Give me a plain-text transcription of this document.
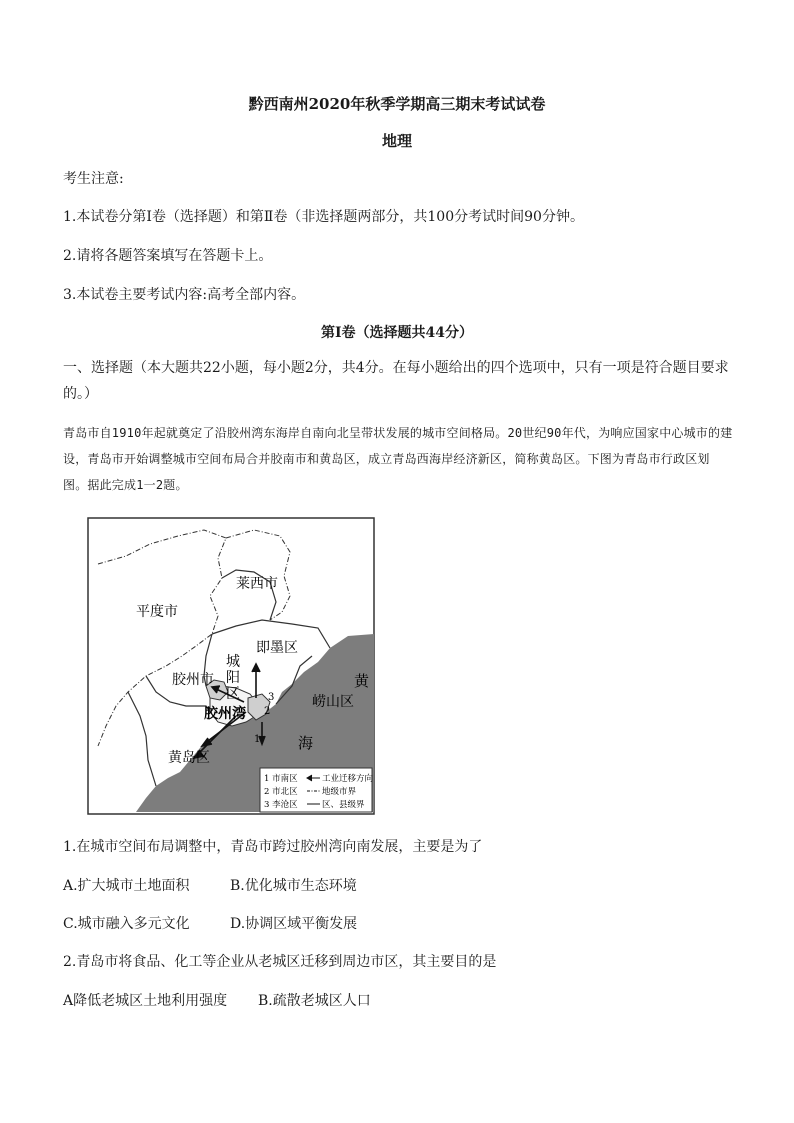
黔西南州2020年秋季学期高三期末考试试卷
地理
考生注意:
1.本试卷分第Ⅰ卷（选择题）和第Ⅱ卷（非选择题两部分，共100分考试时间90分钟。
2.请将各题答案填写在答题卡上。
3.本试卷主要考试内容:高考全部内容。
第Ⅰ卷（选择题共44分）
一、选择题（本大题共22小题，每小题2分，共4分。在每小题给出的四个选项中，只有一项是符合题目要求的。）
青岛市自1910年起就奠定了沿胶州湾东海岸自南向北呈带状发展的城市空间格局。20世纪90年代，为响应国家中心城市的建设，青岛市开始调整城市空间布局合并胶南市和黄岛区，成立青岛西海岸经济新区，简称黄岛区。下图为青岛市行政区划图。据此完成1一2题。
平度市
莱西市
即墨区
胶州市
城
阳
区
胶州湾
崂山区
黄岛区
黄
海
3
2
1
1 市南区	工业迁移方向
2 市北区	地级市界
3 李沧区	区、县级界
1.在城市空间布局调整中，青岛市跨过胶州湾向南发展，主要是为了
A.扩大城市土地面积	B.优化城市生态环境
C.城市融入多元文化	D.协调区域平衡发展
2.青岛市将食品、化工等企业从老城区迁移到周边市区，其主要目的是
A降低老城区土地利用强度 B.疏散老城区人口
